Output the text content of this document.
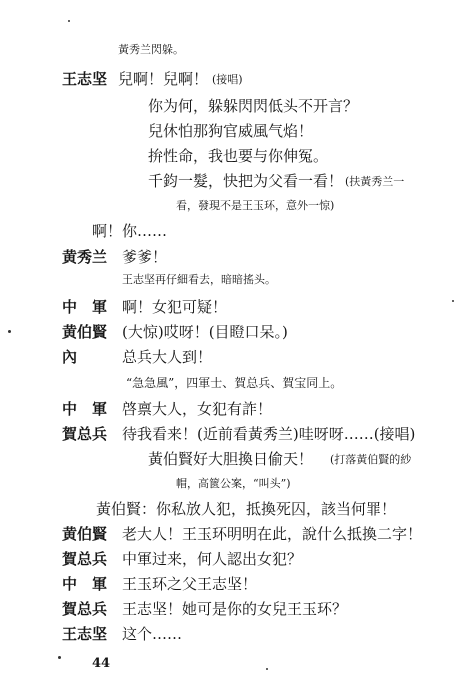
黃秀兰閃躲。
王志坚 兒啊！兒啊！ (接唱)
你为何，躲躲閃閃低头不开言？
兒休怕那狗官威風气焰！
拚性命，我也要与你伸冤。
千鈞一髮，快把为父看一看！ (扶黃秀兰一
看，發現不是王玉环，意外一惊)
啊！你……
黄秀兰 爹爹！
王志坚再仔細看去，暗暗搖头。
中　軍 啊！女犯可疑！
黄伯賢 (大惊)哎呀！(目瞪口呆。)
內	总兵大人到！
“急急風”，四軍士、賀总兵、賀宝同上。
中　軍 啓禀大人，女犯有詐！
賀总兵 待我看来！(近前看黃秀兰)哇呀呀……(接唱)
黃伯賢好大胆換日偷天！ (打落黃伯賢的紗
帽，高篋公案，“叫头”)
黃伯賢：你私放人犯，抵換死囚，該当何罪！
黄伯賢 老大人！王玉环明明在此，說什么抵換二字！
賀总兵 中軍过来，何人認出女犯？
中　軍 王玉环之父王志坚！
賀总兵 王志坚！她可是你的女兒王玉环？
王志坚 这个……
44
